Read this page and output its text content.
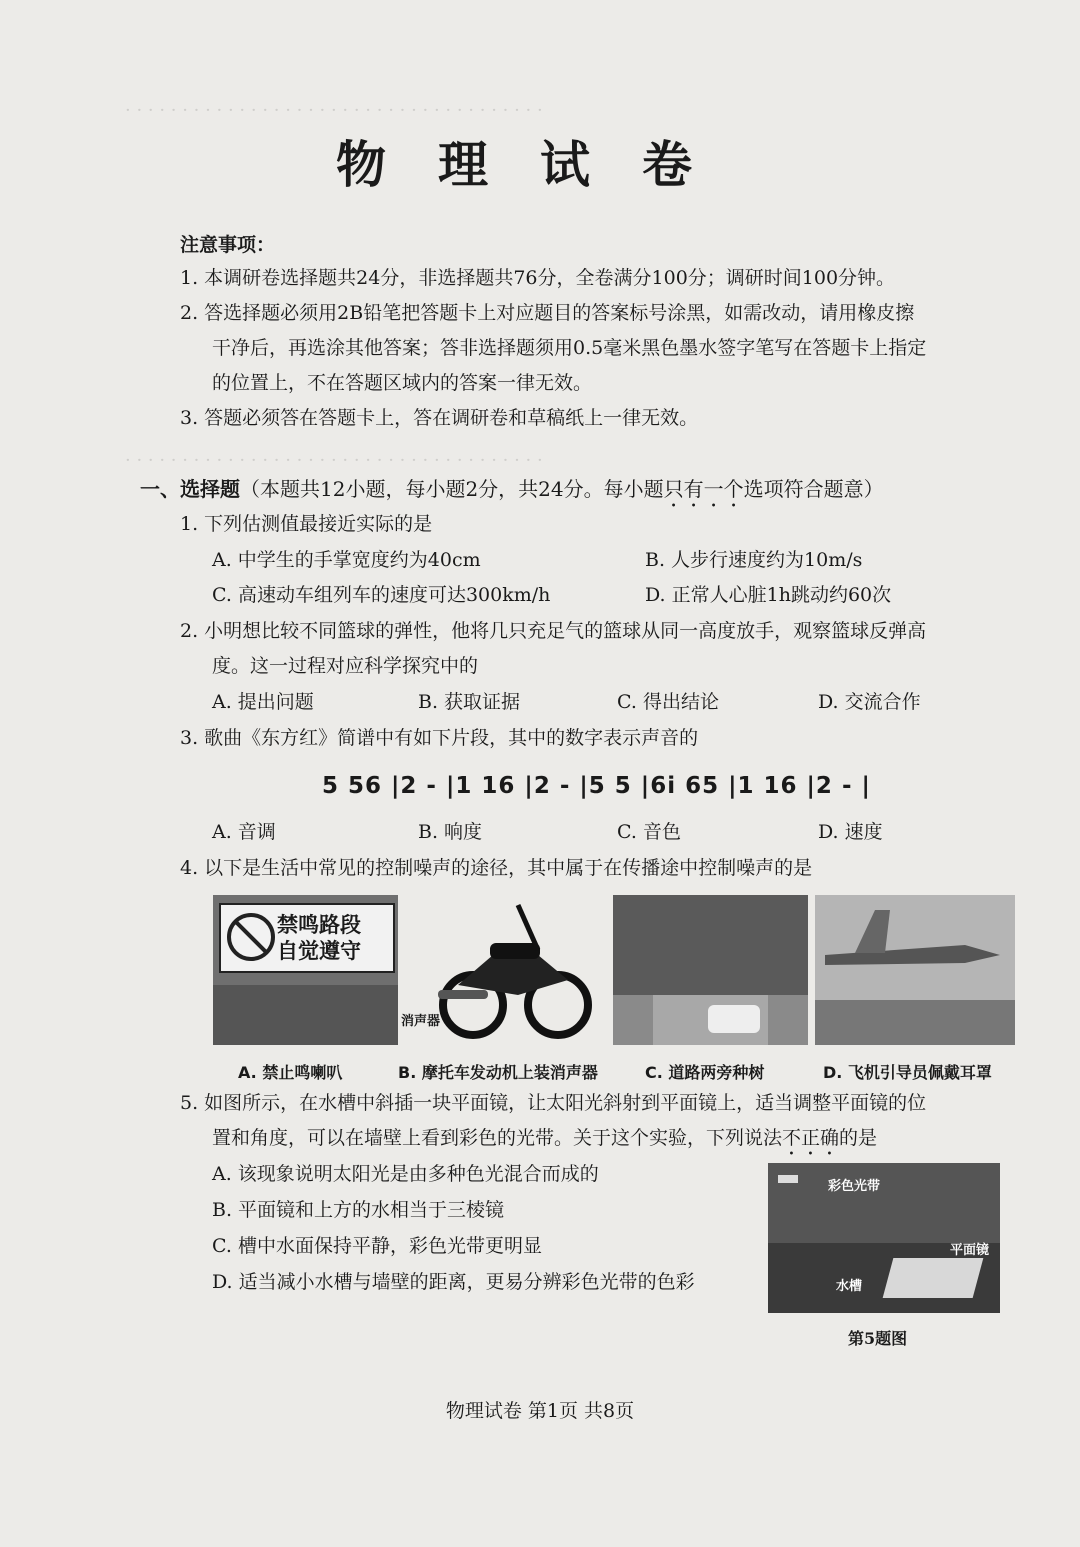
· · · · · · · · · · · · · · · · · · · · · · · · · · · · · · · · · · · · ·
· · · · · · · · · · · · · · · · · · · · · · · · · · · · · · · · · · · · ·
物理试卷
注意事项：
1. 本调研卷选择题共24分，非选择题共76分，全卷满分100分；调研时间100分钟。
2. 答选择题必须用2B铅笔把答题卡上对应题目的答案标号涂黑，如需改动，请用橡皮擦
干净后，再选涂其他答案；答非选择题须用0.5毫米黑色墨水签字笔写在答题卡上指定
的位置上，不在答题区域内的答案一律无效。
3. 答题必须答在答题卡上，答在调研卷和草稿纸上一律无效。
一、选择题（本题共12小题，每小题2分，共24分。每小题只有一个选项符合题意）
1. 下列估测值最接近实际的是
A. 中学生的手掌宽度约为40cm	B. 人步行速度约为10m/s
C. 高速动车组列车的速度可达300km/h	D. 正常人心脏1h跳动约60次
2. 小明想比较不同篮球的弹性，他将几只充足气的篮球从同一高度放手，观察篮球反弹高
度。这一过程对应科学探究中的
A. 提出问题	B. 获取证据	C. 得出结论	D. 交流合作
3. 歌曲《东方红》简谱中有如下片段，其中的数字表示声音的
5 56 |2 - |1 16 |2 - |5 5 |6i 65 |1 16 |2 - |
A. 音调	B. 响度	C. 音色	D. 速度
4. 以下是生活中常见的控制噪声的途径，其中属于在传播途中控制噪声的是
禁鸣路段
自觉遵守
消声器
A. 禁止鸣喇叭	B. 摩托车发动机上装消声器	C. 道路两旁种树	D. 飞机引导员佩戴耳罩
5. 如图所示，在水槽中斜插一块平面镜，让太阳光斜射到平面镜上，适当调整平面镜的位
置和角度，可以在墙壁上看到彩色的光带。关于这个实验，下列说法不正确的是
A. 该现象说明太阳光是由多种色光混合而成的
B. 平面镜和上方的水相当于三棱镜
C. 槽中水面保持平静，彩色光带更明显
D. 适当减小水槽与墙壁的距离，更易分辨彩色光带的色彩
彩色光带
平面镜
水槽
第5题图
物理试卷 第1页 共8页
